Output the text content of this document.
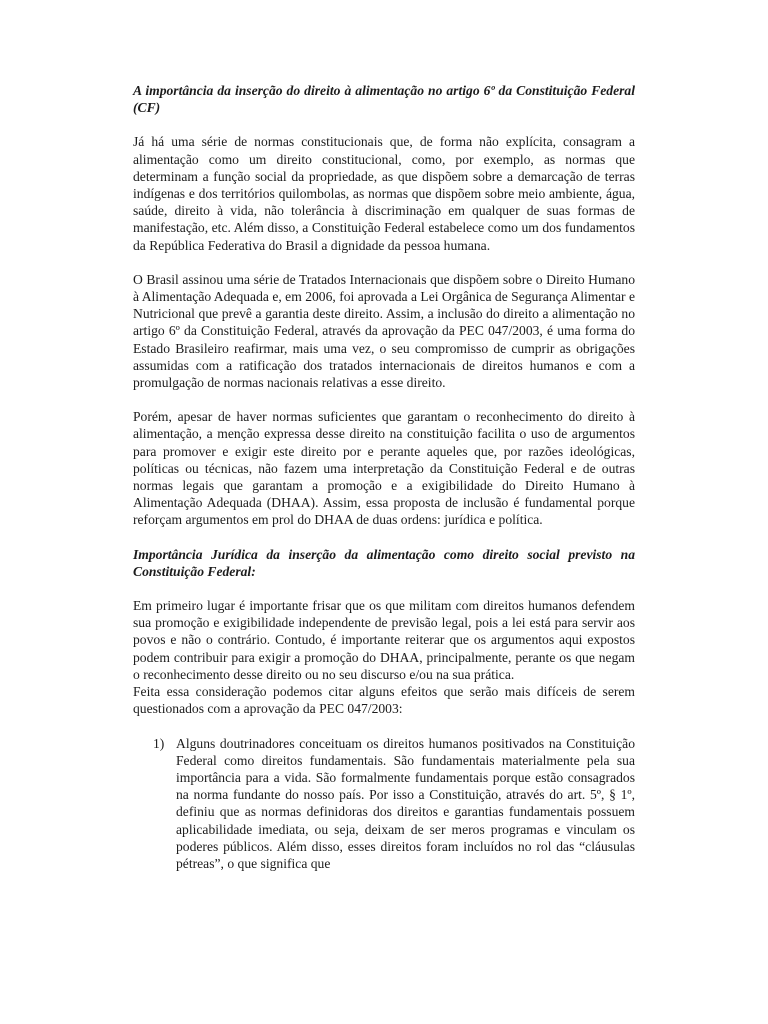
A importância da inserção do direito à alimentação no artigo 6º da Constituição Federal (CF)

Já há uma série de normas constitucionais que, de forma não explícita, consagram a alimentação como um direito constitucional, como, por exemplo, as normas que determinam a função social da propriedade, as que dispõem sobre a demarcação de terras indígenas e dos territórios quilombolas, as normas que dispõem sobre meio ambiente, água, saúde, direito à vida, não tolerância à discriminação em qualquer de suas formas de manifestação, etc. Além disso, a Constituição Federal estabelece como um dos fundamentos da República Federativa do Brasil a dignidade da pessoa humana.

O Brasil assinou uma série de Tratados Internacionais que dispõem sobre o Direito Humano à Alimentação Adequada e, em 2006, foi aprovada a Lei Orgânica de Segurança Alimentar e Nutricional que prevê a garantia deste direito. Assim, a inclusão do direito a alimentação no artigo 6º da Constituição Federal, através da aprovação da PEC 047/2003, é uma forma do Estado Brasileiro reafirmar, mais uma vez, o seu compromisso de cumprir as obrigações assumidas com a ratificação dos tratados internacionais de direitos humanos e com a promulgação de normas nacionais relativas a esse direito.

Porém, apesar de haver normas suficientes que garantam o reconhecimento do direito à alimentação, a menção expressa desse direito na constituição facilita o uso de argumentos para promover e exigir este direito por e perante aqueles que, por razões ideológicas, políticas ou técnicas, não fazem uma interpretação da Constituição Federal e de outras normas legais que garantam a promoção e a exigibilidade do Direito Humano à Alimentação Adequada (DHAA). Assim, essa proposta de inclusão é fundamental porque reforçam argumentos em prol do DHAA de duas ordens: jurídica e política.

Importância Jurídica da inserção da alimentação como direito social previsto na Constituição Federal:

Em primeiro lugar é importante frisar que os que militam com direitos humanos defendem sua promoção e exigibilidade independente de previsão legal, pois a lei está para servir aos povos e não o contrário. Contudo, é importante reiterar que os argumentos aqui expostos podem contribuir para exigir a promoção do DHAA, principalmente, perante os que negam o reconhecimento desse direito ou no seu discurso e/ou na sua prática.

Feita essa consideração podemos citar alguns efeitos que serão mais difíceis de serem questionados com a aprovação da PEC 047/2003:

1) Alguns doutrinadores conceituam os direitos humanos positivados na Constituição Federal como direitos fundamentais. São fundamentais materialmente pela sua importância para a vida. São formalmente fundamentais porque estão consagrados na norma fundante do nosso país. Por isso a Constituição, através do art. 5º, § 1º, definiu que as normas definidoras dos direitos e garantias fundamentais possuem aplicabilidade imediata, ou seja, deixam de ser meros programas e vinculam os poderes públicos. Além disso, esses direitos foram incluídos no rol das “cláusulas pétreas”, o que significa que
